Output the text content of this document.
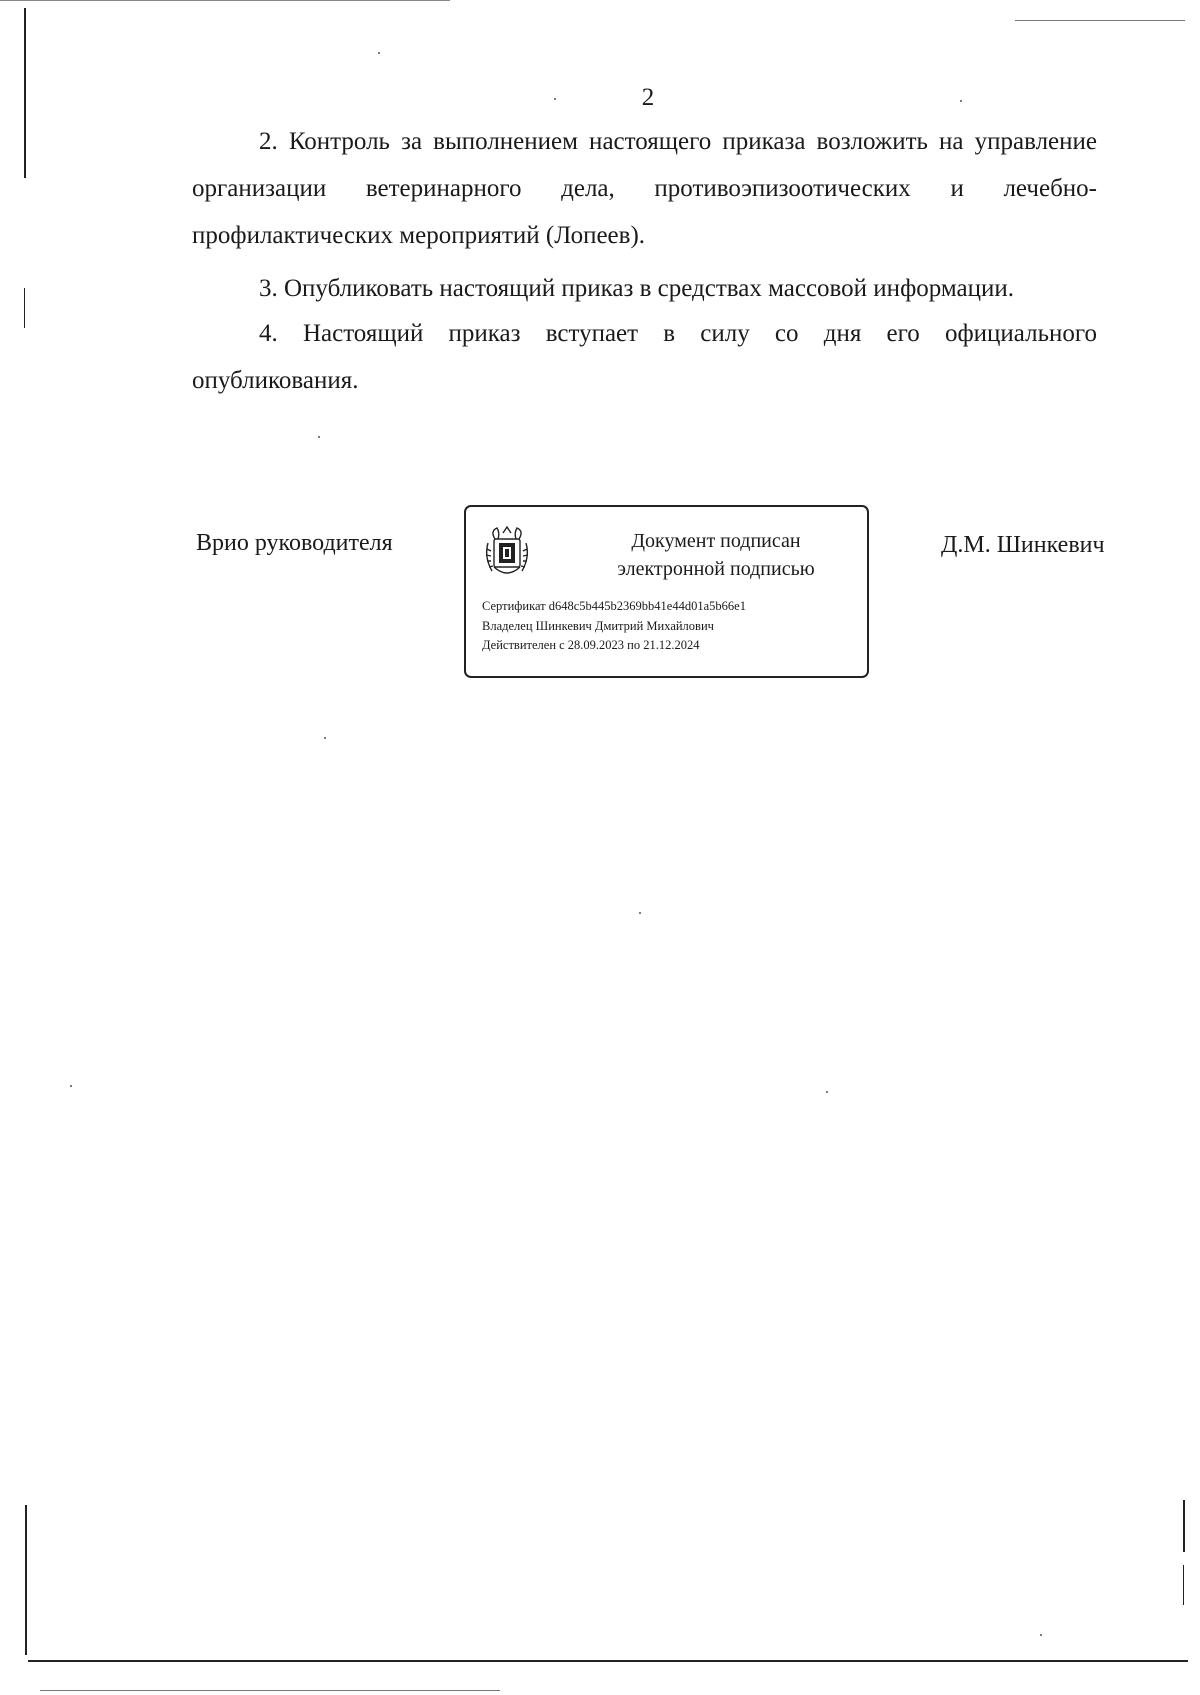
2

2. Контроль за выполнением настоящего приказа возложить на управление организации ветеринарного дела, противоэпизоотических и лечебно-профилактических мероприятий (Лопеев).

3. Опубликовать настоящий приказ в средствах массовой информации.

4. Настоящий приказ вступает в силу со дня его официального опубликования.

Врио руководителя	Документ подписан
электронной подписью
Сертификат d648c5b445b2369bb41e44d01a5b66e1
Владелец Шинкевич Дмитрий Михайлович
Действителен с 28.09.2023 по 21.12.2024
Д.М. Шинкевич
